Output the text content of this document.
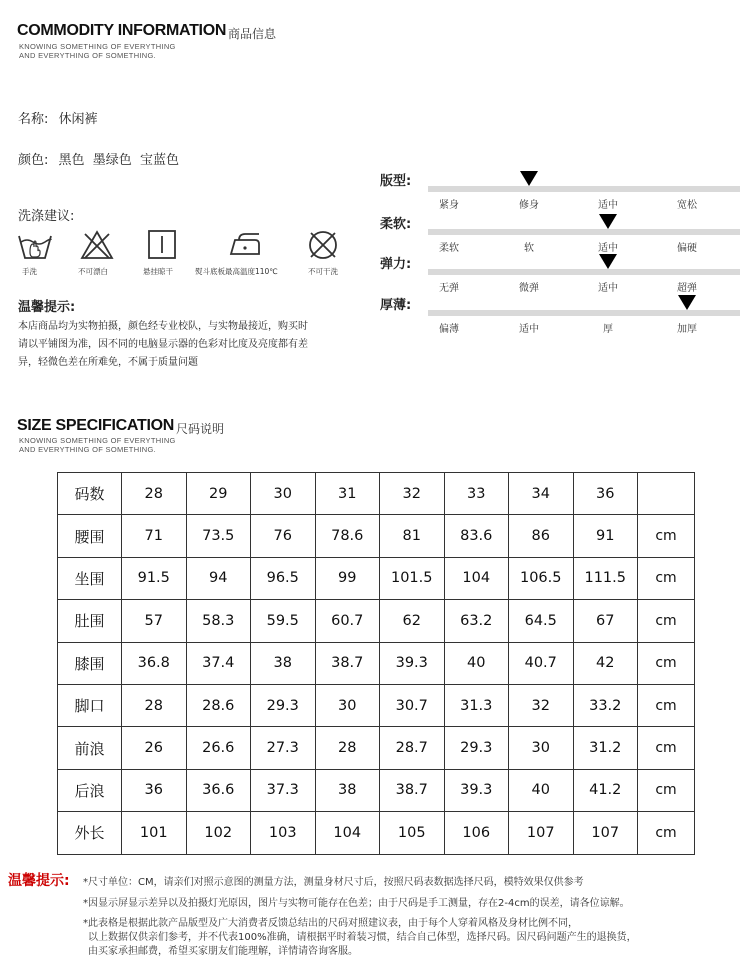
COMMODITY INFORMATION 商品信息
KNOWING SOMETHING OF EVERYTHING
AND EVERYTHING OF SOMETHING.
名称: 休闲裤
颜色: 黑色  墨绿色  宝蓝色
洗涤建议:
手洗	不可漂白	悬挂晾干	熨斗底板最高温度110℃	不可干洗
温馨提示:
本店商品均为实物拍摄，颜色经专业校队，与实物最接近，购买时
请以平铺图为准，因不同的电脑显示器的色彩对比度及亮度都有差
异，轻微色差在所难免，不属于质量问题
版型:
紧身	修身	适中	宽松
柔软:
柔软	软	适中	偏硬
弹力:
无弹	微弹	适中	超弹
厚薄:
偏薄	适中	厚	加厚
SIZE SPECIFICATION 尺码说明
KNOWING SOMETHING OF EVERYTHING
AND EVERYTHING OF SOMETHING.
码数	28	29	30	31	32	33	34	36	
腰围	71	73.5	76	78.6	81	83.6	86	91	cm
坐围	91.5	94	96.5	99	101.5	104	106.5	111.5	cm
肚围	57	58.3	59.5	60.7	62	63.2	64.5	67	cm
膝围	36.8	37.4	38	38.7	39.3	40	40.7	42	cm
脚口	28	28.6	29.3	30	30.7	31.3	32	33.2	cm
前浪	26	26.6	27.3	28	28.7	29.3	30	31.2	cm
后浪	36	36.6	37.3	38	38.7	39.3	40	41.2	cm
外长	101	102	103	104	105	106	107	107	cm
温馨提示: *尺寸单位：CM，请亲们对照示意图的测量方法，测量身材尺寸后，按照尺码表数据选择尺码，模特效果仅供参考
*因显示屏显示差异以及拍摄灯光原因，图片与实物可能存在色差；由于尺码是手工测量，存在2-4cm的误差，请各位谅解。
*此表格是根据此款产品版型及广大消费者反馈总结出的尺码对照建议表，由于每个人穿着风格及身材比例不同，
以上数据仅供亲们参考，并不代表100%准确，请根据平时着装习惯，结合自己体型，选择尺码。因尺码问题产生的退换货，
由买家承担邮费，希望买家朋友们能理解，详情请咨询客服。
